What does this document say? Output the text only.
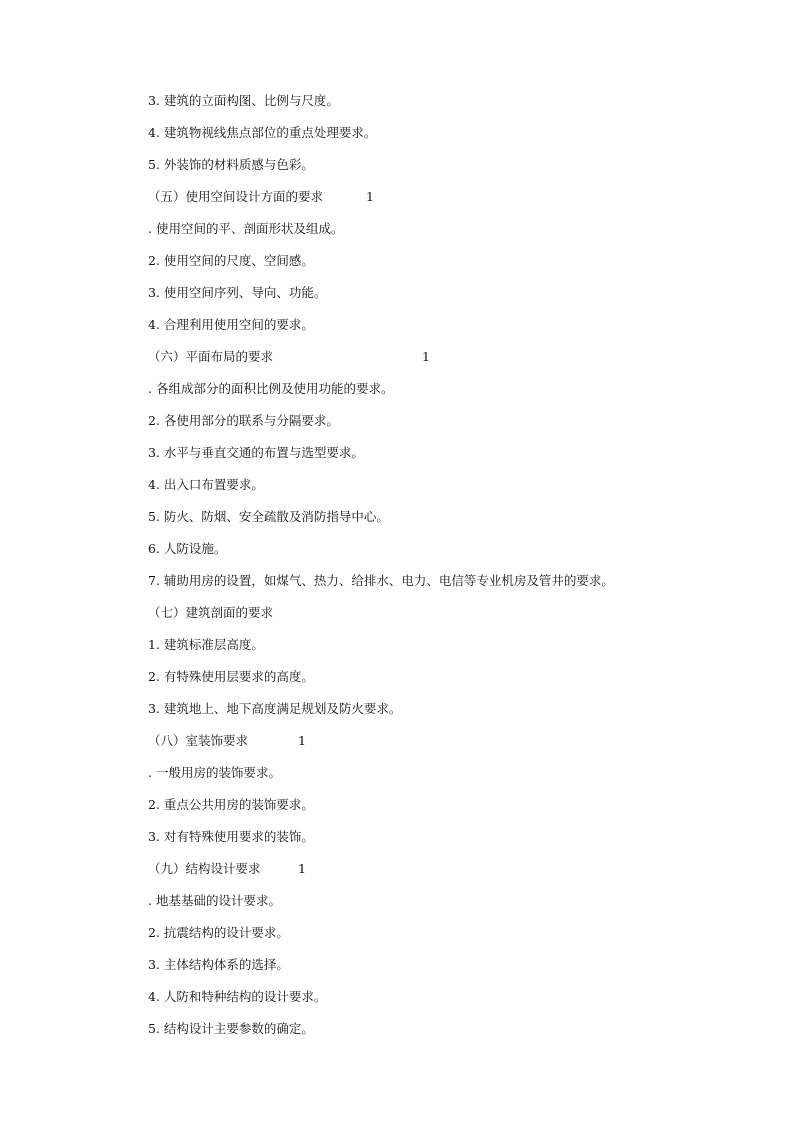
3. 建筑的立面构图、比例与尺度。
4. 建筑物视线焦点部位的重点处理要求。
5. 外装饰的材料质感与色彩。
（五）使用空间设计方面的要求	1
. 使用空间的平、剖面形状及组成。
2. 使用空间的尺度、空间感。
3. 使用空间序列、导向、功能。
4. 合理利用使用空间的要求。
（六）平面布局的要求	1
. 各组成部分的面积比例及使用功能的要求。
2. 各使用部分的联系与分隔要求。
3. 水平与垂直交通的布置与选型要求。
4. 出入口布置要求。
5. 防火、防烟、安全疏散及消防指导中心。
6. 人防设施。
7. 辅助用房的设置，如煤气、热力、给排水、电力、电信等专业机房及管井的要求。
（七）建筑剖面的要求
1. 建筑标准层高度。
2. 有特殊使用层要求的高度。
3. 建筑地上、地下高度满足规划及防火要求。
（八）室装饰要求	1
. 一般用房的装饰要求。
2. 重点公共用房的装饰要求。
3. 对有特殊使用要求的装饰。
（九）结构设计要求	1
. 地基基础的设计要求。
2. 抗震结构的设计要求。
3. 主体结构体系的选择。
4. 人防和特种结构的设计要求。
5. 结构设计主要参数的确定。
